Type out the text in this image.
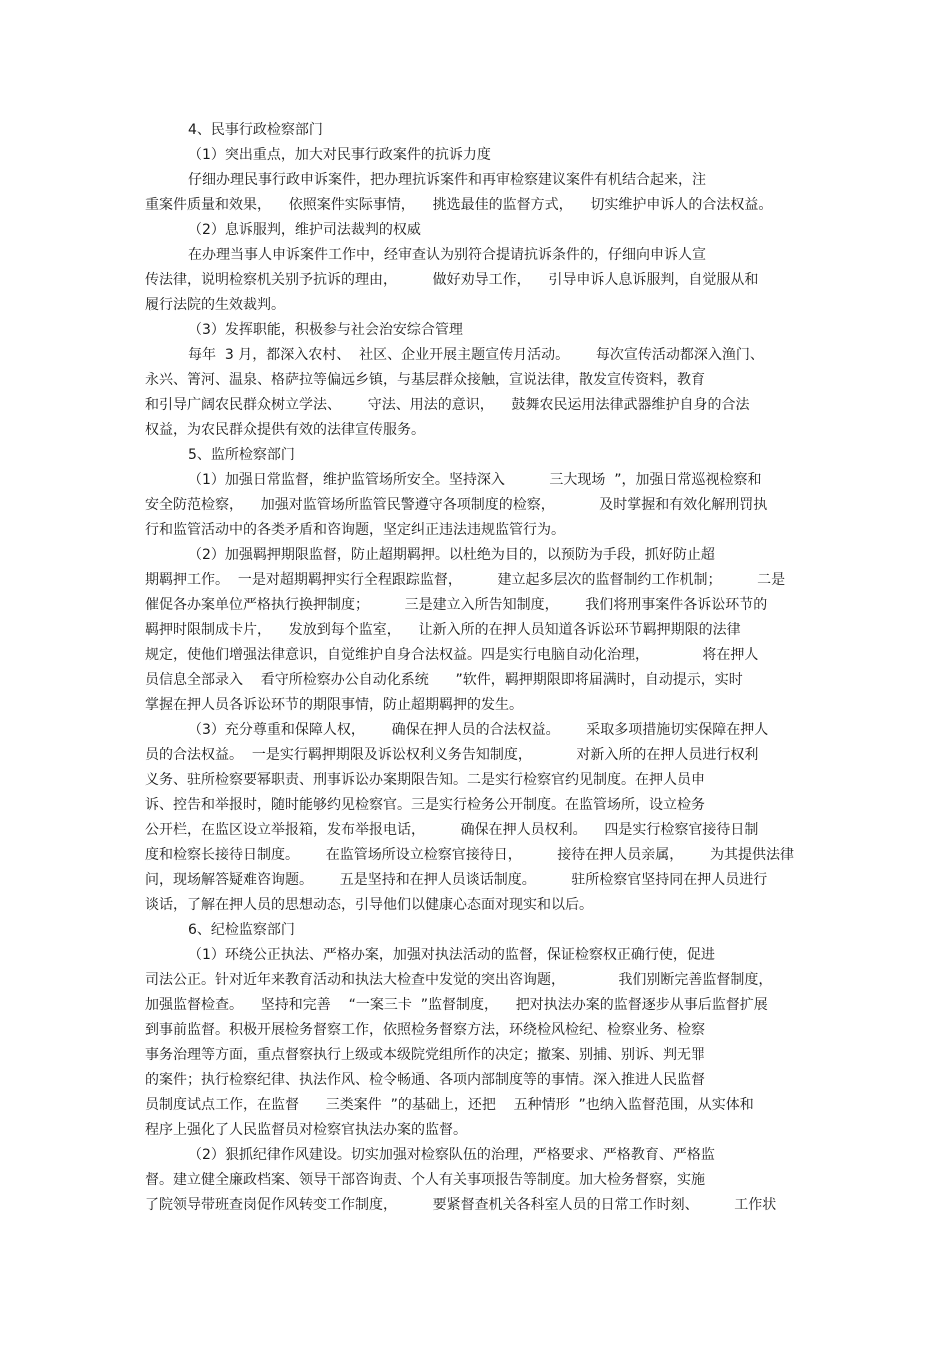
4、民事行政检察部门
（1）突出重点，加大对民事行政案件的抗诉力度
仔细办理民事行政申诉案件，把办理抗诉案件和再审检察建议案件有机结合起来，注
重案件质量和效果，    依照案件实际事情，    挑选最佳的监督方式，    切实维护申诉人的合法权益。
（2）息诉服判，维护司法裁判的权威
在办理当事人申诉案件工作中，经审查认为别符合提请抗诉条件的，仔细向申诉人宣
传法律，说明检察机关别予抗诉的理由，        做好劝导工作，    引导申诉人息诉服判，自觉服从和
履行法院的生效裁判。
（3）发挥职能，积极参与社会治安综合管理
每年  3 月，都深入农村、  社区、企业开展主题宣传月活动。      每次宣传活动都深入渔门、
永兴、箐河、温泉、格萨拉等偏远乡镇，与基层群众接触，宣说法律，散发宣传资料，教育
和引导广阔农民群众树立学法、      守法、用法的意识，    鼓舞农民运用法律武器维护自身的合法
权益，为农民群众提供有效的法律宣传服务。
5、监所检察部门
（1）加强日常监督，维护监管场所安全。坚持深入          三大现场  ”，加强日常巡视检察和
安全防范检察，    加强对监管场所监管民警遵守各项制度的检察，          及时掌握和有效化解刑罚执
行和监管活动中的各类矛盾和咨询题，坚定纠正违法违规监管行为。
（2）加强羁押期限监督，防止超期羁押。以杜绝为目的，以预防为手段，抓好防止超
期羁押工作。  一是对超期羁押实行全程跟踪监督，        建立起多层次的监督制约工作机制；        二是
催促各办案单位严格执行换押制度；        三是建立入所告知制度，      我们将刑事案件各诉讼环节的
羁押时限制成卡片，    发放到每个监室，    让新入所的在押人员知道各诉讼环节羁押期限的法律
规定，使他们增强法律意识，自觉维护自身合法权益。四是实行电脑自动化治理，            将在押人
员信息全部录入    看守所检察办公自动化系统      ”软件，羁押期限即将届满时，自动提示，实时
掌握在押人员各诉讼环节的期限事情，防止超期羁押的发生。
（3）充分尊重和保障人权，      确保在押人员的合法权益。      采取多项措施切实保障在押人
员的合法权益。  一是实行羁押期限及诉讼权利义务告知制度，          对新入所的在押人员进行权利
义务、驻所检察要幂职责、刑事诉讼办案期限告知。二是实行检察官约见制度。在押人员申
诉、控告和举报时，随时能够约见检察官。三是实行检务公开制度。在监管场所，设立检务
公开栏，在监区设立举报箱，发布举报电话，        确保在押人员权利。    四是实行检察官接待日制
度和检察长接待日制度。      在监管场所设立检察官接待日，        接待在押人员亲属，      为其提供法律
问，现场解答疑难咨询题。      五是坚持和在押人员谈话制度。        驻所检察官坚持同在押人员进行
谈话，了解在押人员的思想动态，引导他们以健康心态面对现实和以后。
6、纪检监察部门
（1）环绕公正执法、严格办案，加强对执法活动的监督，保证检察权正确行使，促进
司法公正。针对近年来教育活动和执法大检查中发觉的突出咨询题，            我们别断完善监督制度，
加强监督检查。    坚持和完善    “一案三卡  ”监督制度，    把对执法办案的监督逐步从事后监督扩展
到事前监督。积极开展检务督察工作，依照检务督察方法，环绕检风检纪、检察业务、检察
事务治理等方面，重点督察执行上级或本级院党组所作的决定；撤案、别捕、别诉、判无罪
的案件；执行检察纪律、执法作风、检令畅通、各项内部制度等的事情。深入推进人民监督
员制度试点工作，在监督      三类案件  ”的基础上，还把    五种情形  ”也纳入监督范围，从实体和
程序上强化了人民监督员对检察官执法办案的监督。
（2）狠抓纪律作风建设。切实加强对检察队伍的治理，严格要求、严格教育、严格监
督。建立健全廉政档案、领导干部咨询责、个人有关事项报告等制度。加大检务督察，实施
了院领导带班查岗促作风转变工作制度，        要紧督查机关各科室人员的日常工作时刻、        工作状
